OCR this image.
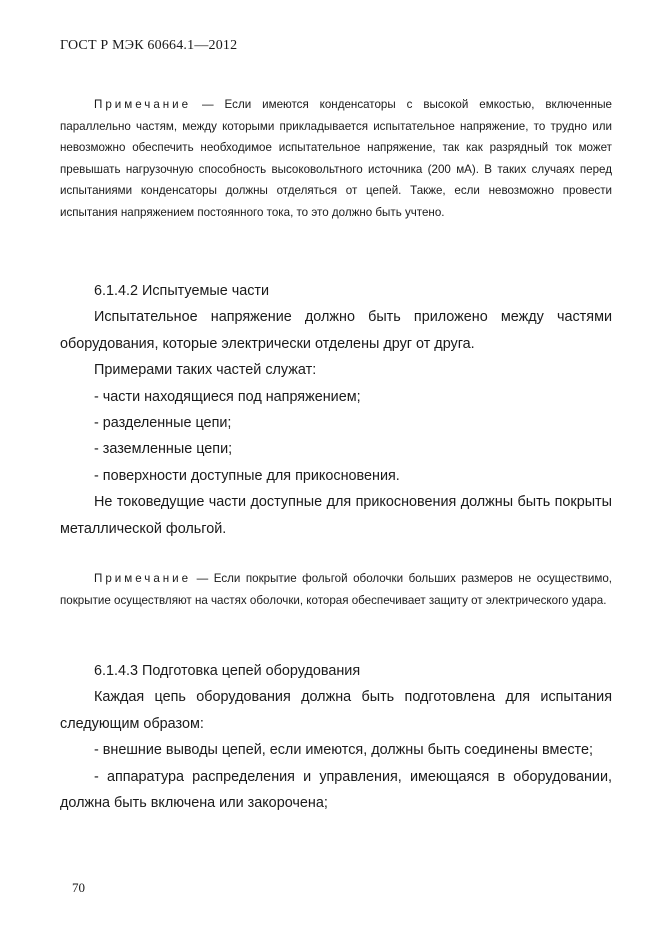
ГОСТ Р МЭК 60664.1—2012

Примечание — Если имеются конденсаторы с высокой емкостью, включенные параллельно частям, между которыми прикладывается испытательное напряжение, то трудно или невозможно обеспечить необходимое испытательное напряжение, так как разрядный ток может превышать нагрузочную способность высоковольтного источника (200 мА). В таких случаях перед испытаниями конденсаторы должны отделяться от цепей. Также, если невозможно провести испытания напряжением постоянного тока, то это должно быть учтено.

6.1.4.2 Испытуемые части

Испытательное напряжение должно быть приложено между частями оборудования, которые электрически отделены друг от друга.

Примерами таких частей служат:

- части находящиеся под напряжением;

- разделенные цепи;

- заземленные цепи;

- поверхности доступные для прикосновения.

Не токоведущие части доступные для прикосновения должны быть покрыты металлической фольгой.

Примечание — Если покрытие фольгой оболочки больших размеров не осуществимо, покрытие осуществляют на частях оболочки, которая обеспечивает защиту от электрического удара.

6.1.4.3 Подготовка цепей оборудования

Каждая цепь оборудования должна быть подготовлена для испытания следующим образом:

- внешние выводы цепей, если имеются, должны быть соединены вместе;

- аппаратура распределения и управления, имеющаяся в оборудовании, должна быть включена или закорочена;

70
